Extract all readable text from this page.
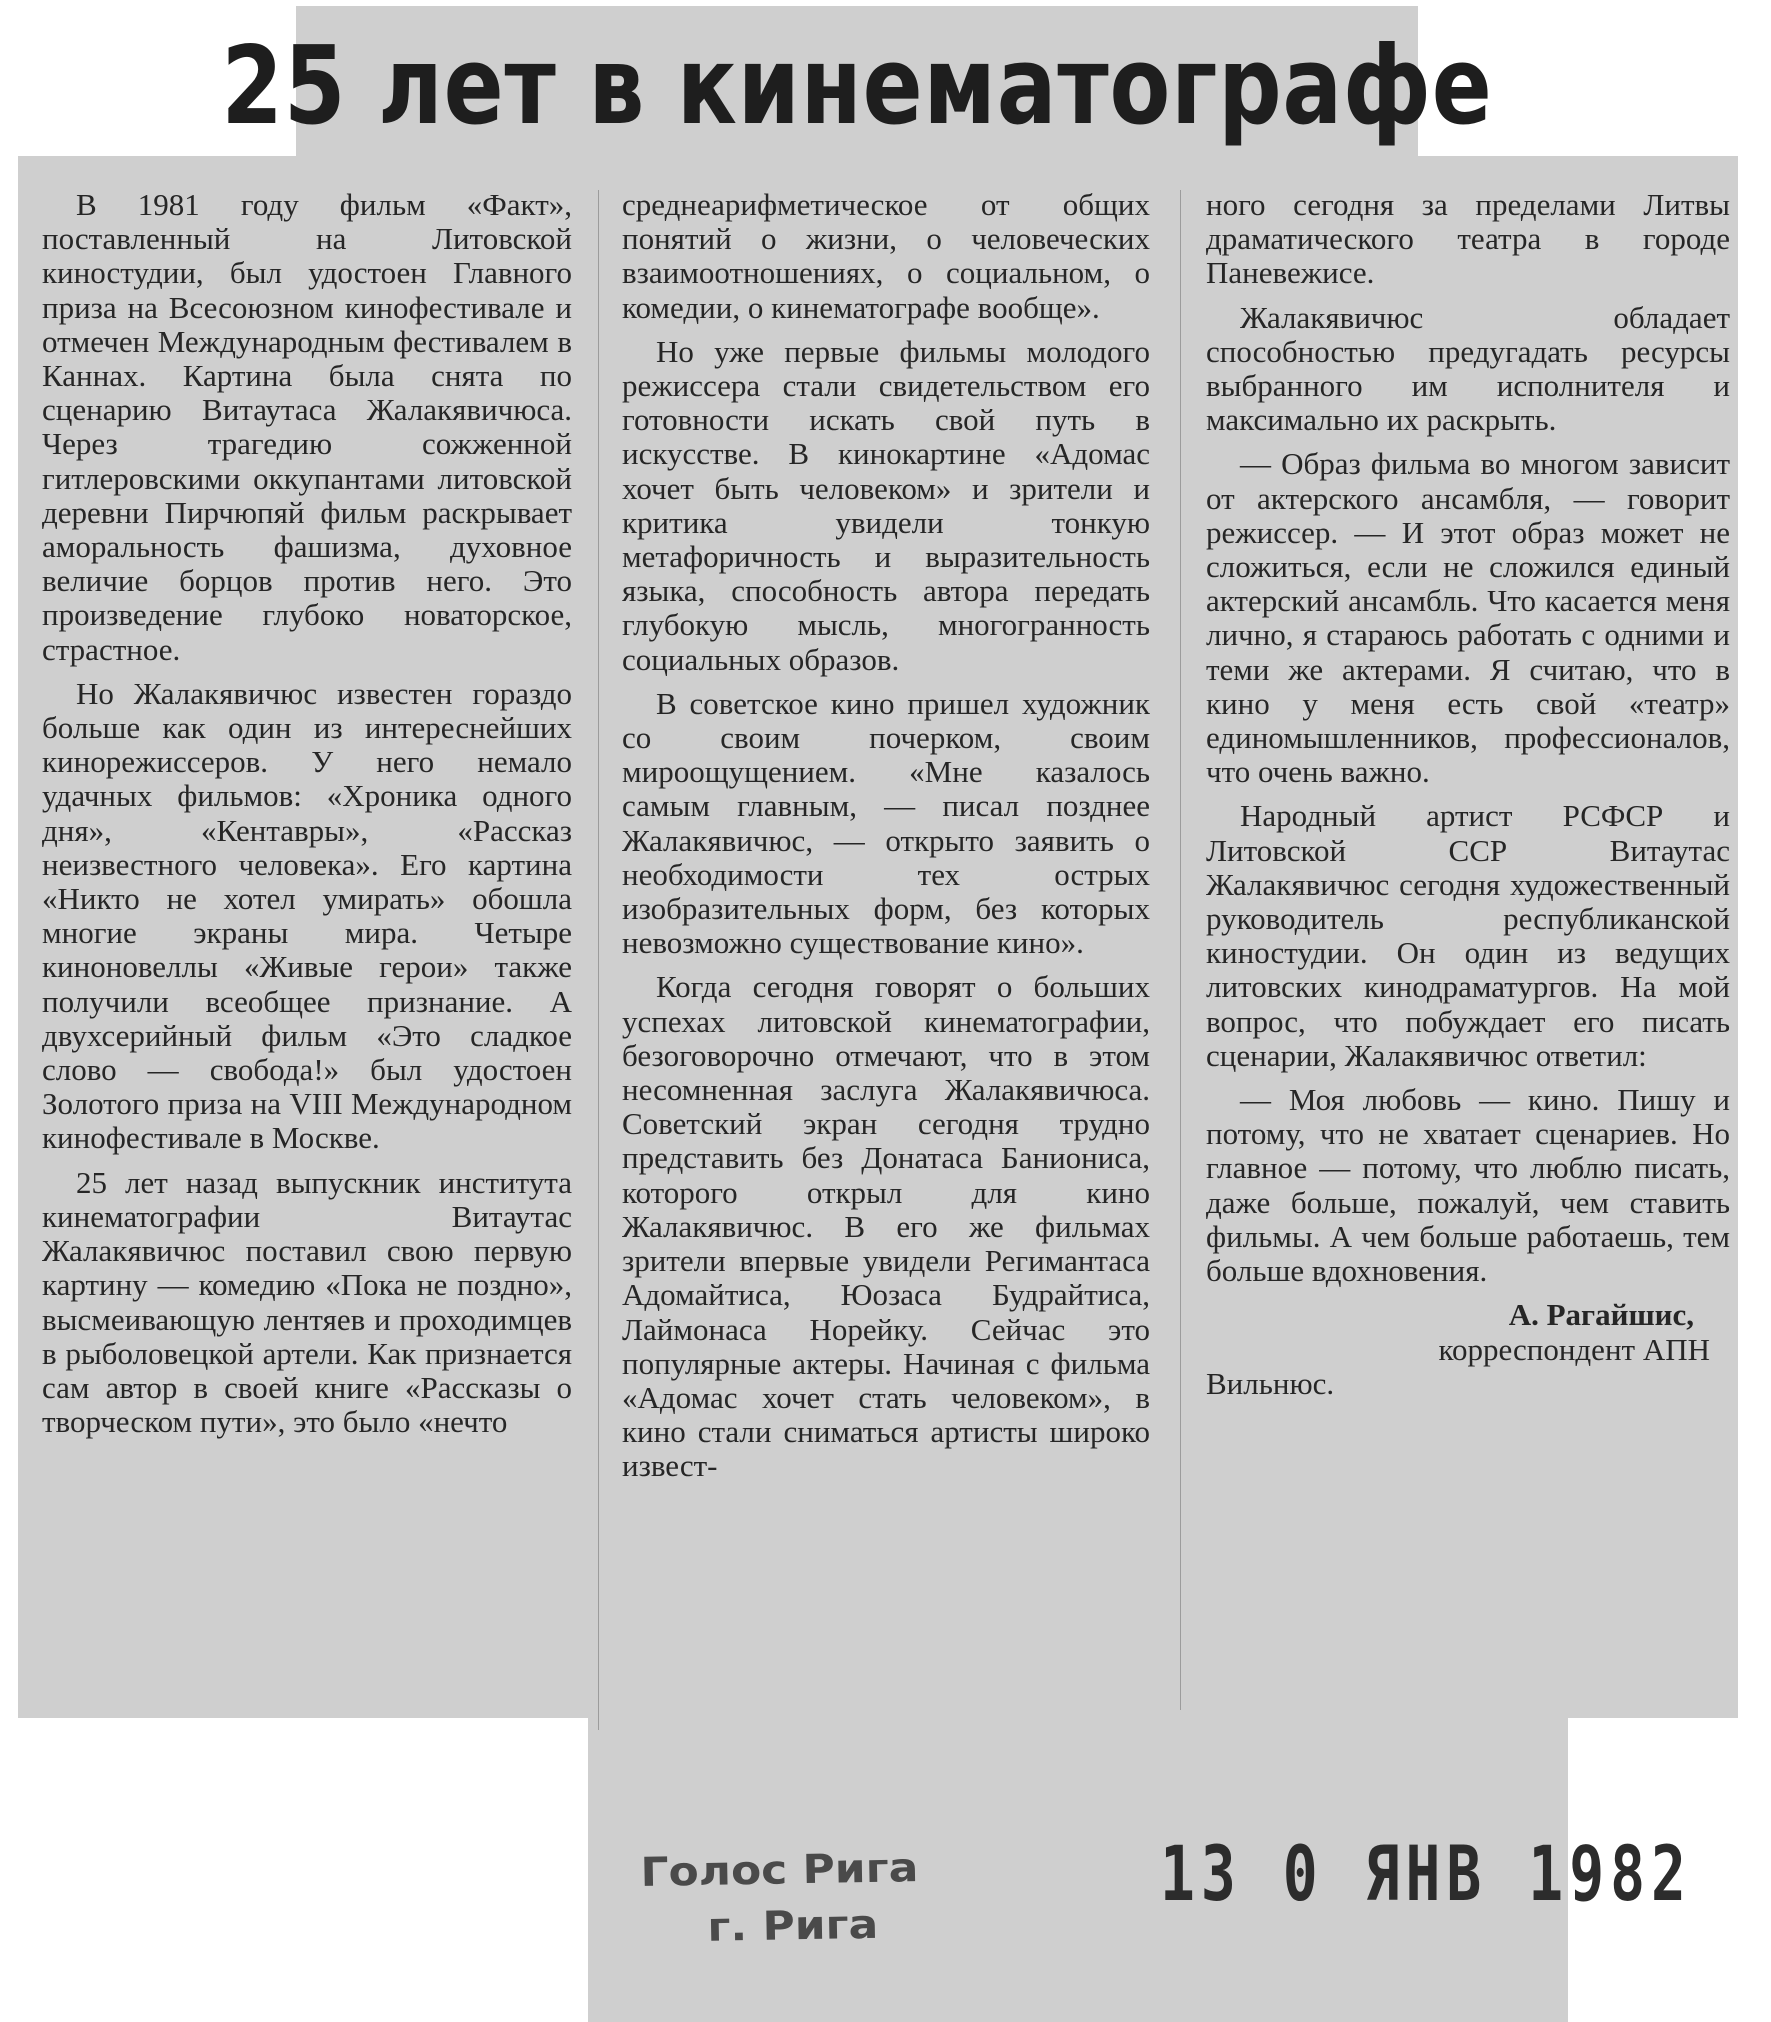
25 лет в кинематографе

В 1981 году фильм «Факт», поставленный на Литовской киностудии, был удостоен Главного приза на Всесоюзном кинофестивале и отмечен Международным фестивалем в Каннах. Картина была снята по сценарию Витаутаса Жалакявичюса. Через трагедию сожженной гитлеровскими оккупантами литовской деревни Пирчюпяй фильм раскрывает аморальность фашизма, духовное величие борцов против него. Это произведение глубоко новаторское, страстное.

Но Жалакявичюс известен гораздо больше как один из интереснейших кинорежиссеров. У него немало удачных фильмов: «Хроника одного дня», «Кентавры», «Рассказ неизвестного человека». Его картина «Никто не хотел умирать» обошла многие экраны мира. Четыре киноновеллы «Живые герои» также получили всеобщее признание. А двухсерийный фильм «Это сладкое слово — свобода!» был удостоен Золотого приза на VIII Международном кинофестивале в Москве.

25 лет назад выпускник института кинематографии Витаутас Жалакявичюс поставил свою первую картину — комедию «Пока не поздно», высмеивающую лентяев и проходимцев в рыболовецкой артели. Как признается сам автор в своей книге «Рассказы о творческом пути», это было «нечто

среднеарифметическое от общих понятий о жизни, о человеческих взаимоотношениях, о социальном, о комедии, о кинематографе вообще».

Но уже первые фильмы молодого режиссера стали свидетельством его готовности искать свой путь в искусстве. В кинокартине «Адомас хочет быть человеком» и зрители и критика увидели тонкую метафоричность и выразительность языка, способность автора передать глубокую мысль, многогранность социальных образов.

В советское кино пришел художник со своим почерком, своим мироощущением. «Мне казалось самым главным, — писал позднее Жалакявичюс, — открыто заявить о необходимости тех острых изобразительных форм, без которых невозможно существование кино».

Когда сегодня говорят о больших успехах литовской кинематографии, безоговорочно отмечают, что в этом несомненная заслуга Жалакявичюса. Советский экран сегодня трудно представить без Донатаса Баниониса, которого открыл для кино Жалакявичюс. В его же фильмах зрители впервые увидели Регимантаса Адомайтиса, Юозаса Будрайтиса, Лаймонаса Норейку. Сейчас это популярные актеры. Начиная с фильма «Адомас хочет стать человеком», в кино стали сниматься артисты широко извест-

ного сегодня за пределами Литвы драматического театра в городе Паневежисе.

Жалакявичюс обладает способностью предугадать ресурсы выбранного им исполнителя и максимально их раскрыть.

— Образ фильма во многом зависит от актерского ансамбля, — говорит режиссер. — И этот образ может не сложиться, если не сложился единый актерский ансамбль. Что касается меня лично, я стараюсь работать с одними и теми же актерами. Я считаю, что в кино у меня есть свой «театр» единомышленников, профессионалов, что очень важно.

Народный артист РСФСР и Литовской ССР Витаутас Жалакявичюс сегодня художественный руководитель республиканской киностудии. Он один из ведущих литовских кинодраматургов. На мой вопрос, что побуждает его писать сценарии, Жалакявичюс ответил:

— Моя любовь — кино. Пишу и потому, что не хватает сценариев. Но главное — потому, что люблю писать, даже больше, пожалуй, чем ставить фильмы. А чем больше работаешь, тем больше вдохновения.

А. Рагайшис,
корреспондент АПН
Вильнюс.
Голос Рига
г. Рига
13 0 ЯНВ 1982
